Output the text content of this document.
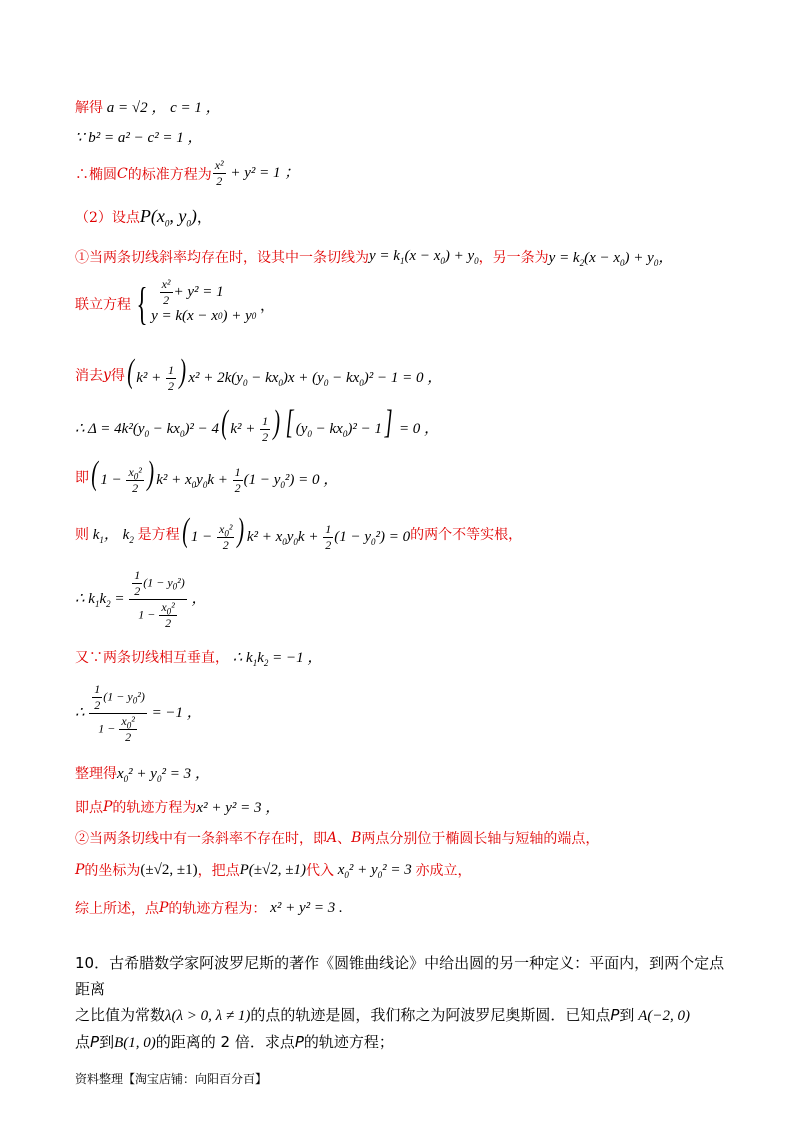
解得 a = √2 ， c = 1 ，
∵ b² = a² − c² = 1 ，
∴椭圆 C 的标准方程为 $\frac{\text{x²}}{2} + y^2 = 1$ ；
（2）设点 $P(x_0$, $y_0$) ，
①当两条切线斜率均存在时，设其中一条切线为 $y = k_1(x - x_0) + y_0$ ，另一条为 $y = k_2(x - x_0) + y_0$，
联立方程 {
$\frac{\text{x²}}{2} + y^2 = 1$
y = k(x − x 0 ) + y 0
，
消去 y 得 ( $k^2 + \frac{1}{2}$ ) $x^2 + 2k(y_0 - kx_0)x + (y_0 - kx_0)^2 - 1 = 0$ ，
∴ $\Delta = 4k^2(y_0 - kx_0)^2 - 4$( $k^2 + \frac{1}{2}$ ) [ $(y_0 - kx_0)^2 - 1] = 0$ ，
即 ( $1 - \frac{x_0^2}{2}$ ) $k^2 + x_0y_0k + \frac{1}{2} (1 - y_0^2) = 0$ ，
则 $k_1$， $k_2$ 是方程 ( $1 - \frac{x_0^2}{2}$ ) $k^2 + x_0y_0k + \frac{1}{2} (1 - y_0^2) = 0$ 的两个不等实根，
∴ $k_1k_2 = \frac{\frac{1}{2} (1 - y_0^2)}{1 - \frac{x_0^2}{2}}$ ，
又∵两条切线相互垂直， ∴ $k_1k_2 = -1$ ，
∴ $\frac{\frac{1}{2} (1 - y_0^2)}{1 - \frac{x_0^2}{2}} = -1$ ，
整理得 $x_0^2 + y_0^2 = 3$ ，
即点 P 的轨迹方程为 x² + y² = 3 ，
②当两条切线中有一条斜率不存在时，即 A 、 B 两点分别位于椭圆长轴与短轴的端点，
P 的坐标为 (±√2, ±1) ，把点 P(±√2, ±1) 代入 $x_0^2 + y_0^2 = 3$ 亦成立，
综上所述，点 P 的轨迹方程为： x² + y² = 3 .
10．古希腊数学家阿波罗尼斯的著作《圆锥曲线论》中给出圆的另一种定义：平面内，到两个定点距离
之比值为常数λ(λ > 0, λ ≠ 1)的点的轨迹是圆，我们称之为阿波罗尼奥斯圆．已知点P到 A(−2, 0)
点P到B(1, 0)的距离的 2 倍．求点P的轨迹方程；
资料整理【淘宝店铺：向阳百分百】
